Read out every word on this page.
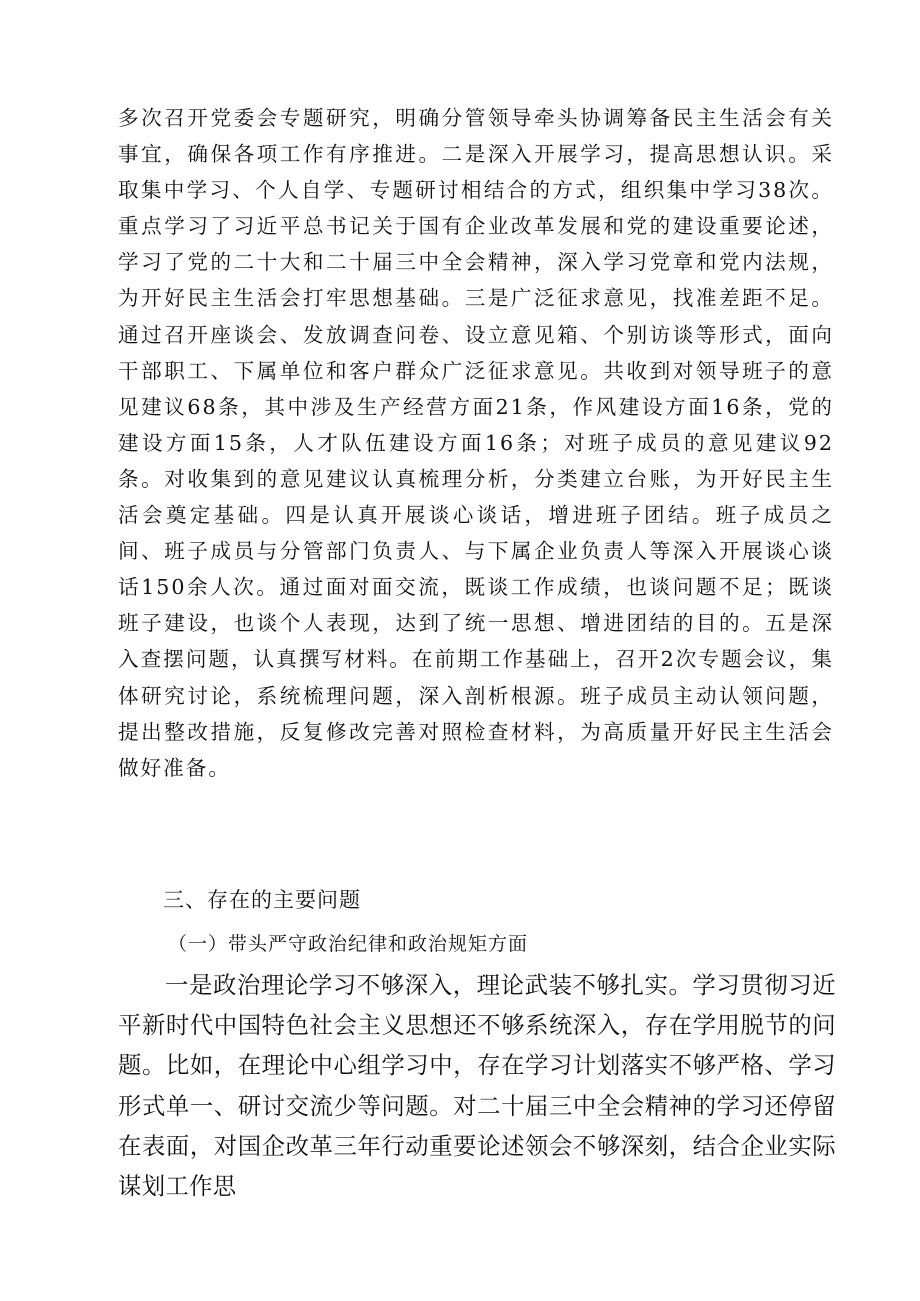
多次召开党委会专题研究，明确分管领导牵头协调筹备民主生活会有关事宜，确保各项工作有序推进。二是深入开展学习，提高思想认识。采取集中学习、个人自学、专题研讨相结合的方式，组织集中学习38次。重点学习了习近平总书记关于国有企业改革发展和党的建设重要论述，学习了党的二十大和二十届三中全会精神，深入学习党章和党内法规，为开好民主生活会打牢思想基础。三是广泛征求意见，找准差距不足。通过召开座谈会、发放调查问卷、设立意见箱、个别访谈等形式，面向干部职工、下属单位和客户群众广泛征求意见。共收到对领导班子的意见建议68条，其中涉及生产经营方面21条，作风建设方面16条，党的建设方面15条，人才队伍建设方面16条；对班子成员的意见建议92条。对收集到的意见建议认真梳理分析，分类建立台账，为开好民主生活会奠定基础。四是认真开展谈心谈话，增进班子团结。班子成员之间、班子成员与分管部门负责人、与下属企业负责人等深入开展谈心谈话150余人次。通过面对面交流，既谈工作成绩，也谈问题不足；既谈班子建设，也谈个人表现，达到了统一思想、增进团结的目的。五是深入查摆问题，认真撰写材料。在前期工作基础上，召开2次专题会议，集体研究讨论，系统梳理问题，深入剖析根源。班子成员主动认领问题，提出整改措施，反复修改完善对照检查材料，为高质量开好民主生活会做好准备。

三、存在的主要问题

（一）带头严守政治纪律和政治规矩方面

一是政治理论学习不够深入，理论武装不够扎实。学习贯彻习近平新时代中国特色社会主义思想还不够系统深入，存在学用脱节的问题。比如，在理论中心组学习中，存在学习计划落实不够严格、学习形式单一、研讨交流少等问题。对二十届三中全会精神的学习还停留在表面，对国企改革三年行动重要论述领会不够深刻，结合企业实际谋划工作思
